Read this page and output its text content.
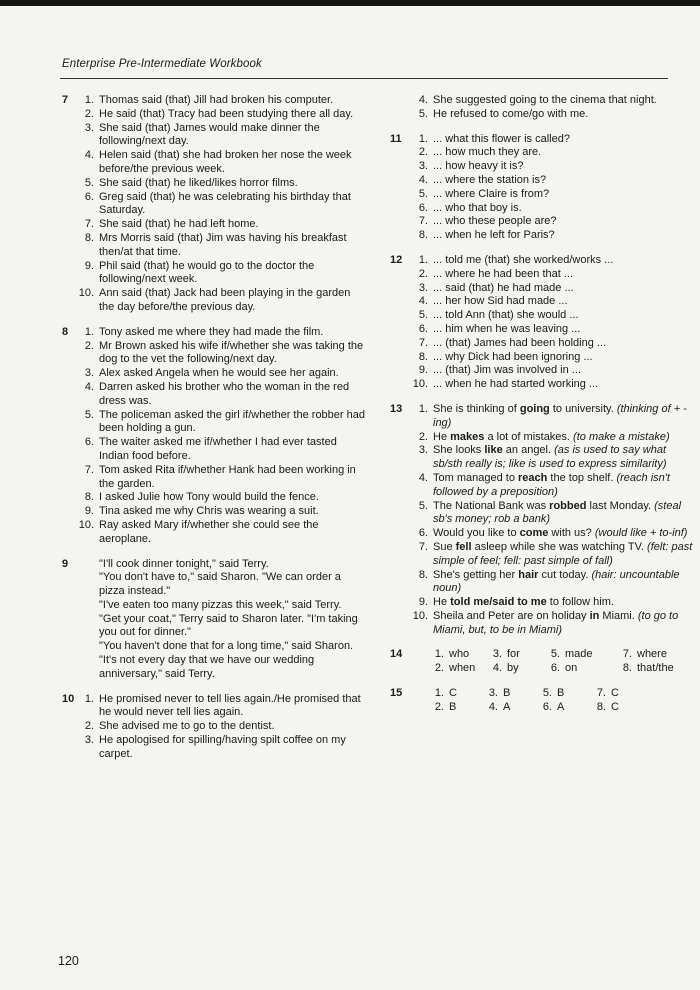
Enterprise Pre-Intermediate Workbook
7	1. Thomas said (that) Jill had broken his computer.
2. He said (that) Tracy had been studying there all day.
3. She said (that) James would make dinner the following/next day.
4. Helen said (that) she had broken her nose the week before/the previous week.
5. She said (that) he liked/likes horror films.
6. Greg said (that) he was celebrating his birthday that Saturday.
7. She said (that) he had left home.
8. Mrs Morris said (that) Jim was having his breakfast then/at that time.
9. Phil said (that) he would go to the doctor the following/next week.
10. Ann said (that) Jack had been playing in the garden the day before/the previous day.
8	1. Tony asked me where they had made the film.
2. Mr Brown asked his wife if/whether she was taking the dog to the vet the following/next day.
3. Alex asked Angela when he would see her again.
4. Darren asked his brother who the woman in the red dress was.
5. The policeman asked the girl if/whether the robber had been holding a gun.
6. The waiter asked me if/whether I had ever tasted Indian food before.
7. Tom asked Rita if/whether Hank had been working in the garden.
8. I asked Julie how Tony would build the fence.
9. Tina asked me why Chris was wearing a suit.
10. Ray asked Mary if/whether she could see the aeroplane.
9	"I'll cook dinner tonight," said Terry.
"You don't have to," said Sharon. "We can order a pizza instead."
"I've eaten too many pizzas this week," said Terry.
"Get your coat," Terry said to Sharon later. "I'm taking you out for dinner."
"You haven't done that for a long time," said Sharon. "It's not every day that we have our wedding anniversary," said Terry.
10 1. He promised never to tell lies again./He promised that he would never tell lies again.
2. She advised me to go to the dentist.
3. He apologised for spilling/having spilt coffee on my carpet.
4. She suggested going to the cinema that night.
5. He refused to come/go with me.
11	1. ... what this flower is called?
2. ... how much they are.
3. ... how heavy it is?
4. ... where the station is?
5. ... where Claire is from?
6. ... who that boy is.
7. ... who these people are?
8. ... when he left for Paris?
12	1. ... told me (that) she worked/works ...
2. ... where he had been that ...
3. ... said (that) he had made ...
4. ... her how Sid had made ...
5. ... told Ann (that) she would ...
6. ... him when he was leaving ...
7. ... (that) James had been holding ...
8. ... why Dick had been ignoring ...
9. ... (that) Jim was involved in ...
10. ... when he had started working ...
13	1. She is thinking of going to university. (thinking of + -ing)
2. He makes a lot of mistakes. (to make a mistake)
3. She looks like an angel. (as is used to say what sb/sth really is; like is used to express similarity)
4. Tom managed to reach the top shelf. (reach isn't followed by a preposition)
5. The National Bank was robbed last Monday. (steal sb's money; rob a bank)
6. Would you like to come with us? (would like + to-inf)
7. Sue fell asleep while she was watching TV. (felt: past simple of feel; fell: past simple of fall)
8. She's getting her hair cut today. (hair: uncountable noun)
9. He told me/said to me to follow him.
10. Sheila and Peter are on holiday in Miami. (to go to Miami, but, to be in Miami)
14	1. who	3. for	5. made	7. where
2. when	4. by	6. on	8. that/the
15	1. C	3. B	5. B	7. C
2. B	4. A	6. A	8. C
120
